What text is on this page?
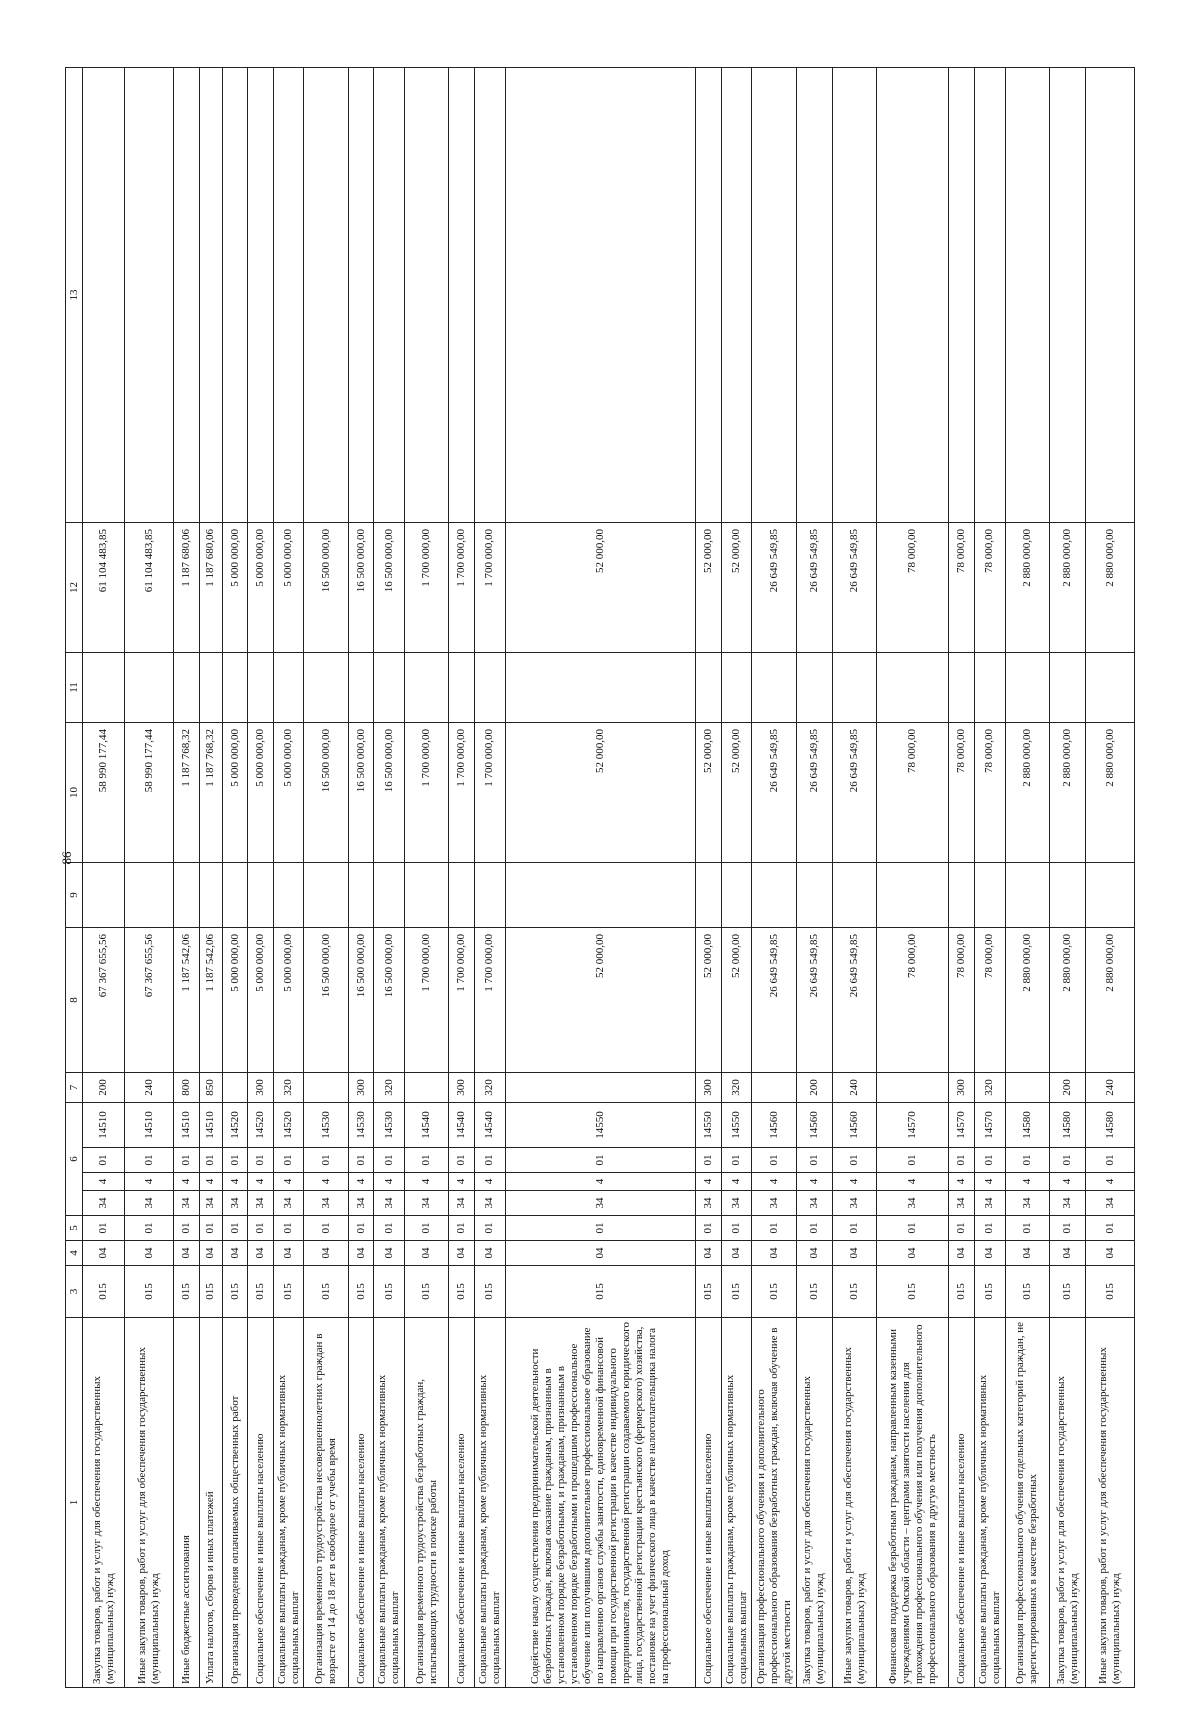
86
1	3	4	5	6				7	8	9	10	11	12	13
Закупка товаров, работ и услуг для обеспечения государственных (муниципальных) нужд	015	04	01	34	4	01	14510	200	67 367 655,56		58 990 177,44		61 104 483,85	
Иные закупки товаров, работ и услуг для обеспечения государственных (муниципальных) нужд	015	04	01	34	4	01	14510	240	67 367 655,56		58 990 177,44		61 104 483,85	
Иные бюджетные ассигнования	015	04	01	34	4	01	14510	800	1 187 542,06		1 187 768,32		1 187 680,06	
Уплата налогов, сборов и иных платежей	015	04	01	34	4	01	14510	850	1 187 542,06		1 187 768,32		1 187 680,06	
Организация проведения оплачиваемых общественных работ	015	04	01	34	4	01	14520		5 000 000,00		5 000 000,00		5 000 000,00	
Социальное обеспечение и иные выплаты населению	015	04	01	34	4	01	14520	300	5 000 000,00		5 000 000,00		5 000 000,00	
Социальные выплаты гражданам, кроме публичных нормативных социальных выплат	015	04	01	34	4	01	14520	320	5 000 000,00		5 000 000,00		5 000 000,00	
Организация временного трудоустройства несовершеннолетних граждан в возрасте от 14 до 18 лет в свободное от учебы время	015	04	01	34	4	01	14530		16 500 000,00		16 500 000,00		16 500 000,00	
Социальное обеспечение и иные выплаты населению	015	04	01	34	4	01	14530	300	16 500 000,00		16 500 000,00		16 500 000,00	
Социальные выплаты гражданам, кроме публичных нормативных социальных выплат	015	04	01	34	4	01	14530	320	16 500 000,00		16 500 000,00		16 500 000,00	
Организация временного трудоустройства безработных граждан, испытывающих трудности в поиске работы	015	04	01	34	4	01	14540		1 700 000,00		1 700 000,00		1 700 000,00	
Социальное обеспечение и иные выплаты населению	015	04	01	34	4	01	14540	300	1 700 000,00		1 700 000,00		1 700 000,00	
Социальные выплаты гражданам, кроме публичных нормативных социальных выплат	015	04	01	34	4	01	14540	320	1 700 000,00		1 700 000,00		1 700 000,00	
Содействие началу осуществления предпринимательской деятельности безработных граждан, включая оказание гражданам, признанным в установленном порядке безработными, и гражданам, признанным в установленном порядке безработными и прошедшим профессиональное обучение или получившим дополнительное профессиональное образование по направлению органов службы занятости, единовременной финансовой помощи при государственной регистрации в качестве индивидуального предпринимателя, государственной регистрации создаваемого юридического лица, государственной регистрации крестьянского (фермерского) хозяйства, постановке на учет физического лица в качестве налогоплательщика налога на профессиональный доход	015	04	01	34	4	01	14550		52 000,00		52 000,00		52 000,00	
Социальное обеспечение и иные выплаты населению	015	04	01	34	4	01	14550	300	52 000,00		52 000,00		52 000,00	
Социальные выплаты гражданам, кроме публичных нормативных социальных выплат	015	04	01	34	4	01	14550	320	52 000,00		52 000,00		52 000,00	
Организация профессионального обучения и дополнительного профессионального образования безработных граждан, включая обучение в другой местности	015	04	01	34	4	01	14560		26 649 549,85		26 649 549,85		26 649 549,85	
Закупка товаров, работ и услуг для обеспечения государственных (муниципальных) нужд	015	04	01	34	4	01	14560	200	26 649 549,85		26 649 549,85		26 649 549,85	
Иные закупки товаров, работ и услуг для обеспечения государственных (муниципальных) нужд	015	04	01	34	4	01	14560	240	26 649 549,85		26 649 549,85		26 649 549,85	
Финансовая поддержка безработным гражданам, направленным казенными учреждениями Омской области – центрами занятости населения для прохождения профессионального обучения или получения дополнительного профессионального образования в другую местность	015	04	01	34	4	01	14570		78 000,00		78 000,00		78 000,00	
Социальное обеспечение и иные выплаты населению	015	04	01	34	4	01	14570	300	78 000,00		78 000,00		78 000,00	
Социальные выплаты гражданам, кроме публичных нормативных социальных выплат	015	04	01	34	4	01	14570	320	78 000,00		78 000,00		78 000,00	
Организация профессионального обучения отдельных категорий граждан, не зарегистрированных в качестве безработных	015	04	01	34	4	01	14580		2 880 000,00		2 880 000,00		2 880 000,00	
Закупка товаров, работ и услуг для обеспечения государственных (муниципальных) нужд	015	04	01	34	4	01	14580	200	2 880 000,00		2 880 000,00		2 880 000,00	
Иные закупки товаров, работ и услуг для обеспечения государственных (муниципальных) нужд	015	04	01	34	4	01	14580	240	2 880 000,00		2 880 000,00		2 880 000,00	
